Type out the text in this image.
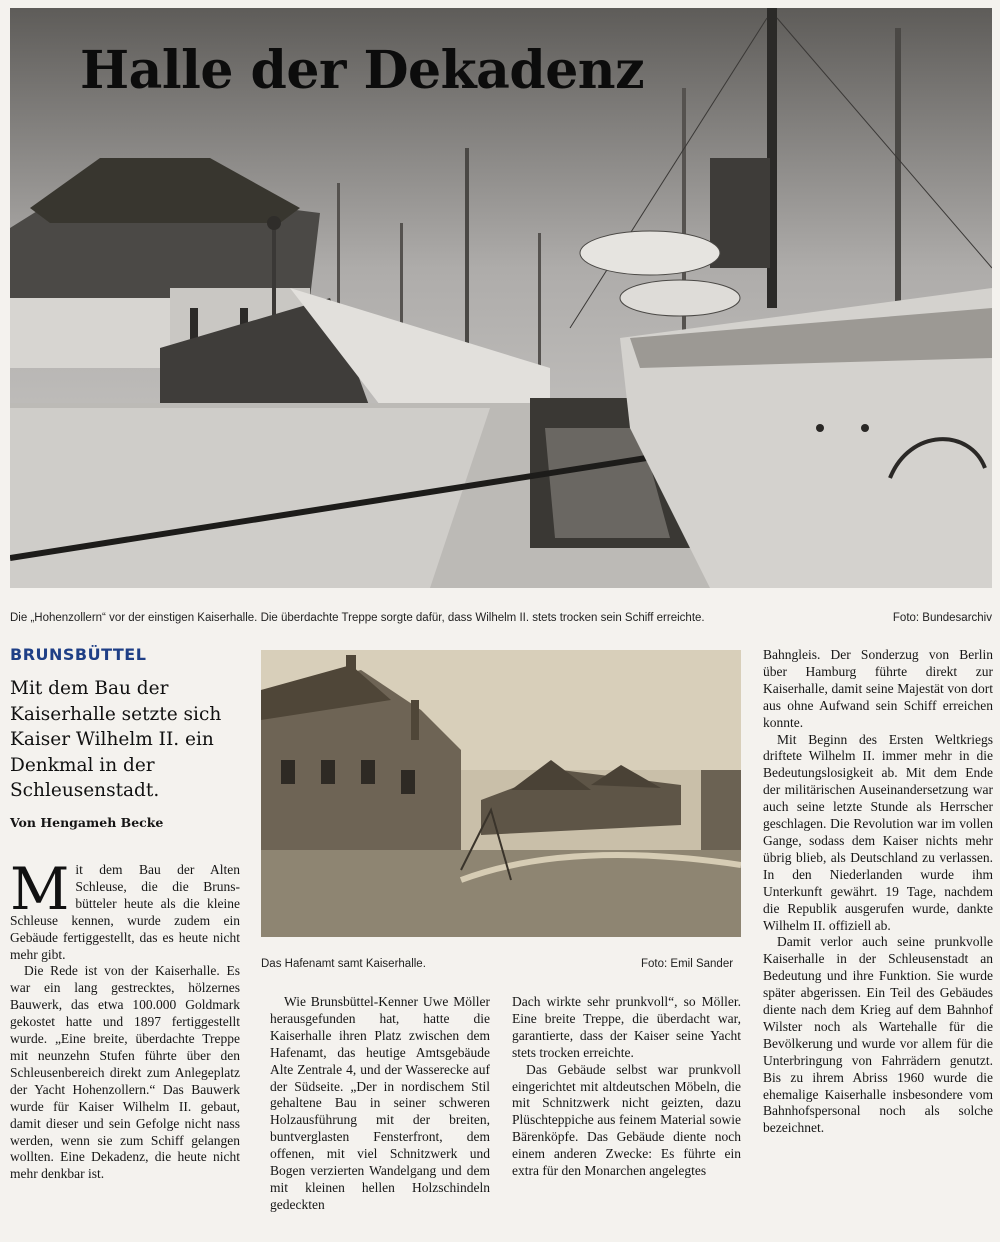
Halle der Dekadenz
Die „Hohenzollern“ vor der einstigen Kaiserhalle. Die überdachte Treppe sorgte dafür, dass Wilhelm II. stets trocken sein Schiff erreichte.	Foto: Bundesarchiv
BRUNSBÜTTEL

Mit dem Bau der Kaiserhalle setzte sich Kaiser Wilhelm II. ein Denkmal in der Schleusenstadt.

Von Hengameh Becke

Mit dem Bau der Alten Schleuse, die die Brunsbütteler heute als die kleine Schleuse kennen, wurde zudem ein Gebäude fertiggestellt, das es heute nicht mehr gibt.

Die Rede ist von der Kaiserhalle. Es war ein lang gestrecktes, hölzernes Bauwerk, das etwa 100.000 Goldmark gekostet hatte und 1897 fertiggestellt wurde. „Eine breite, überdachte Treppe mit neunzehn Stufen führte über den Schleusenbereich direkt zum Anlegeplatz der Yacht Hohenzollern.“ Das Bauwerk wurde für Kaiser Wilhelm II. gebaut, damit dieser und sein Gefolge nicht nass werden, wenn sie zum Schiff gelangen wollten. Eine Dekadenz, die heute nicht mehr denkbar ist.

Das Hafenamt samt Kaiserhalle.	Foto: Emil Sander

Wie Brunsbüttel-Kenner Uwe Möller herausgefunden hat, hatte die Kaiserhalle ihren Platz zwischen dem Hafenamt, das heutige Amtsgebäude Alte Zentrale 4, und der Wasserecke auf der Südseite. „Der in nordischem Stil gehaltene Bau in seiner schweren Holzausführung mit der breiten, buntverglasten Fensterfront, dem offenen, mit viel Schnitzwerk und Bogen verzierten Wandelgang und dem mit kleinen hellen Holzschindeln gedeckten

Dach wirkte sehr prunkvoll“, so Möller. Eine breite Treppe, die überdacht war, garantierte, dass der Kaiser seine Yacht stets trocken erreichte.

Das Gebäude selbst war prunkvoll eingerichtet mit altdeutschen Möbeln, die mit Schnitzwerk nicht geizten, dazu Plüschteppiche aus feinem Material sowie Bärenköpfe. Das Gebäude diente noch einem anderen Zwecke: Es führte ein extra für den Monarchen angelegtes

Bahngleis. Der Sonderzug von Berlin über Hamburg führte direkt zur Kaiserhalle, damit seine Majestät von dort aus ohne Aufwand sein Schiff erreichen konnte.

Mit Beginn des Ersten Weltkriegs driftete Wilhelm II. immer mehr in die Bedeutungslosigkeit ab. Mit dem Ende der militärischen Auseinandersetzung war auch seine letzte Stunde als Herrscher geschlagen. Die Revolution war im vollen Gange, sodass dem Kaiser nichts mehr übrig blieb, als Deutschland zu verlassen. In den Niederlanden wurde ihm Unterkunft gewährt. 19 Tage, nachdem die Republik ausgerufen wurde, dankte Wilhelm II. offiziell ab.

Damit verlor auch seine prunkvolle Kaiserhalle in der Schleusenstadt an Bedeutung und ihre Funktion. Sie wurde später abgerissen. Ein Teil des Gebäudes diente nach dem Krieg auf dem Bahnhof Wilster noch als Wartehalle für die Bevölkerung und wurde vor allem für die Unterbringung von Fahrrädern genutzt. Bis zu ihrem Abriss 1960 wurde die ehemalige Kaiserhalle insbesondere vom Bahnhofspersonal noch als solche bezeichnet.
